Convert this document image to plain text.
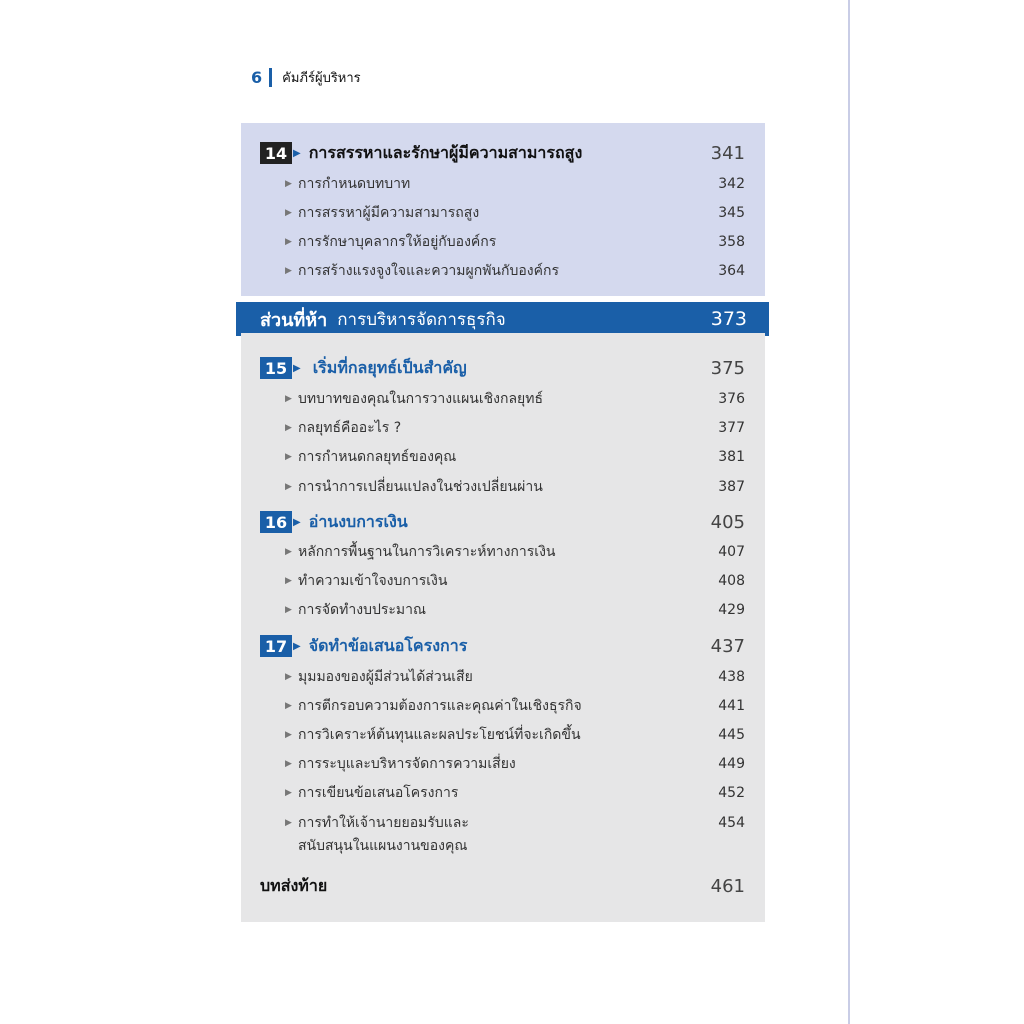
6 คัมภีร์ผู้บริหาร
14 ▶ การสรรหาและรักษาผู้มีความสามารถสูง	341
▶ การกำหนดบทบาท	342
▶ การสรรหาผู้มีความสามารถสูง	345
▶ การรักษาบุคลากรให้อยู่กับองค์กร	358
▶ การสร้างแรงจูงใจและความผูกพันกับองค์กร	364
ส่วนที่ห้า การบริหารจัดการธุรกิจ	373
15 ▶ เริ่มที่กลยุทธ์เป็นสำคัญ	375
▶ บทบาทของคุณในการวางแผนเชิงกลยุทธ์	376
▶ กลยุทธ์คืออะไร ?	377
▶ การกำหนดกลยุทธ์ของคุณ	381
▶ การนำการเปลี่ยนแปลงในช่วงเปลี่ยนผ่าน	387
16 ▶ อ่านงบการเงิน	405
▶ หลักการพื้นฐานในการวิเคราะห์ทางการเงิน	407
▶ ทำความเข้าใจงบการเงิน	408
▶ การจัดทำงบประมาณ	429
17 ▶ จัดทำข้อเสนอโครงการ	437
▶ มุมมองของผู้มีส่วนได้ส่วนเสีย	438
▶ การตีกรอบความต้องการและคุณค่าในเชิงธุรกิจ	441
▶ การวิเคราะห์ต้นทุนและผลประโยชน์ที่จะเกิดขึ้น	445
▶ การระบุและบริหารจัดการความเสี่ยง	449
▶ การเขียนข้อเสนอโครงการ	452
▶ การทำให้เจ้านายยอมรับและ	454
สนับสนุนในแผนงานของคุณ
บทส่งท้าย	461
